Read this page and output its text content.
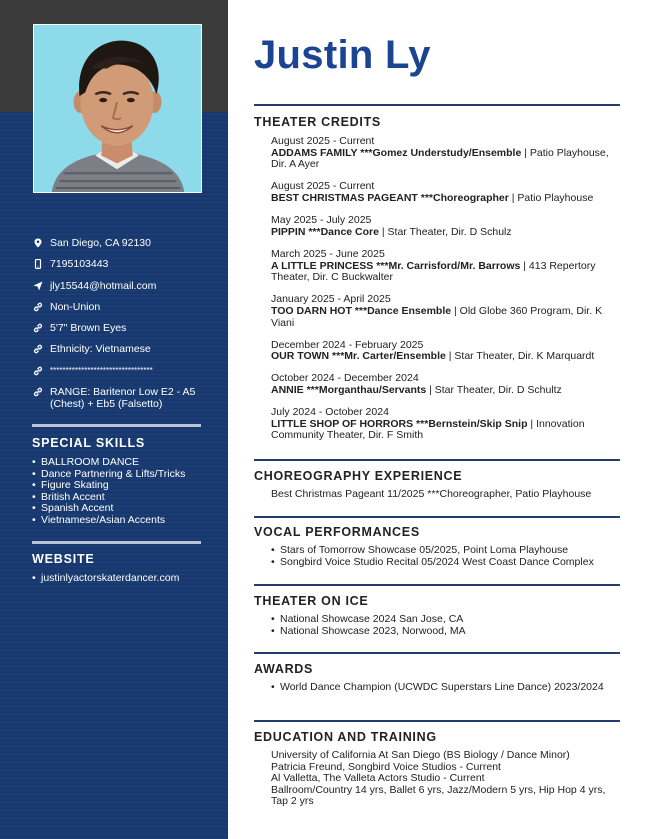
San Diego, CA 92130
7195103443
jly15544@hotmail.com
Non-Union
5'7" Brown Eyes
Ethnicity: Vietnamese
*********************************
RANGE: Baritenor Low E2 - A5 (Chest) + Eb5 (Falsetto)
SPECIAL SKILLS
• BALLROOM DANCE
• Dance Partnering & Lifts/Tricks
• Figure Skating
• British Accent
• Spanish Accent
• Vietnamese/Asian Accents
WEBSITE
• justinlyactorskaterdancer.com
Justin Ly
THEATER CREDITS
August 2025 - Current
ADDAMS FAMILY ***Gomez Understudy/Ensemble | Patio Playhouse, Dir. A Ayer
August 2025 - Current
BEST CHRISTMAS PAGEANT ***Choreographer | Patio Playhouse
May 2025 - July 2025
PIPPIN ***Dance Core | Star Theater, Dir. D Schulz
March 2025 - June 2025
A LITTLE PRINCESS ***Mr. Carrisford/Mr. Barrows | 413 Repertory Theater, Dir. C Buckwalter
January 2025 - April 2025
TOO DARN HOT ***Dance Ensemble | Old Globe 360 Program, Dir. K Viani
December 2024 - February 2025
OUR TOWN ***Mr. Carter/Ensemble | Star Theater, Dir. K Marquardt
October 2024 - December 2024
ANNIE ***Morganthau/Servants | Star Theater, Dir. D Schultz
July 2024 - October 2024
LITTLE SHOP OF HORRORS ***Bernstein/Skip Snip | Innovation Community Theater, Dir. F Smith
CHOREOGRAPHY EXPERIENCE

Best Christmas Pageant 11/2025 ***Choreographer, Patio Playhouse

VOCAL PERFORMANCES
• Stars of Tomorrow Showcase 05/2025, Point Loma Playhouse
• Songbird Voice Studio Recital 05/2024 West Coast Dance Complex
THEATER ON ICE
• National Showcase 2024 San Jose, CA
• National Showcase 2023, Norwood, MA
AWARDS
• World Dance Champion (UCWDC Superstars Line Dance) 2023/2024
EDUCATION AND TRAINING
University of California At San Diego (BS Biology / Dance Minor)
Patricia Freund, Songbird Voice Studios - Current
Al Valletta, The Valleta Actors Studio - Current
Ballroom/Country 14 yrs, Ballet 6 yrs, Jazz/Modern 5 yrs, Hip Hop 4 yrs, Tap 2 yrs
